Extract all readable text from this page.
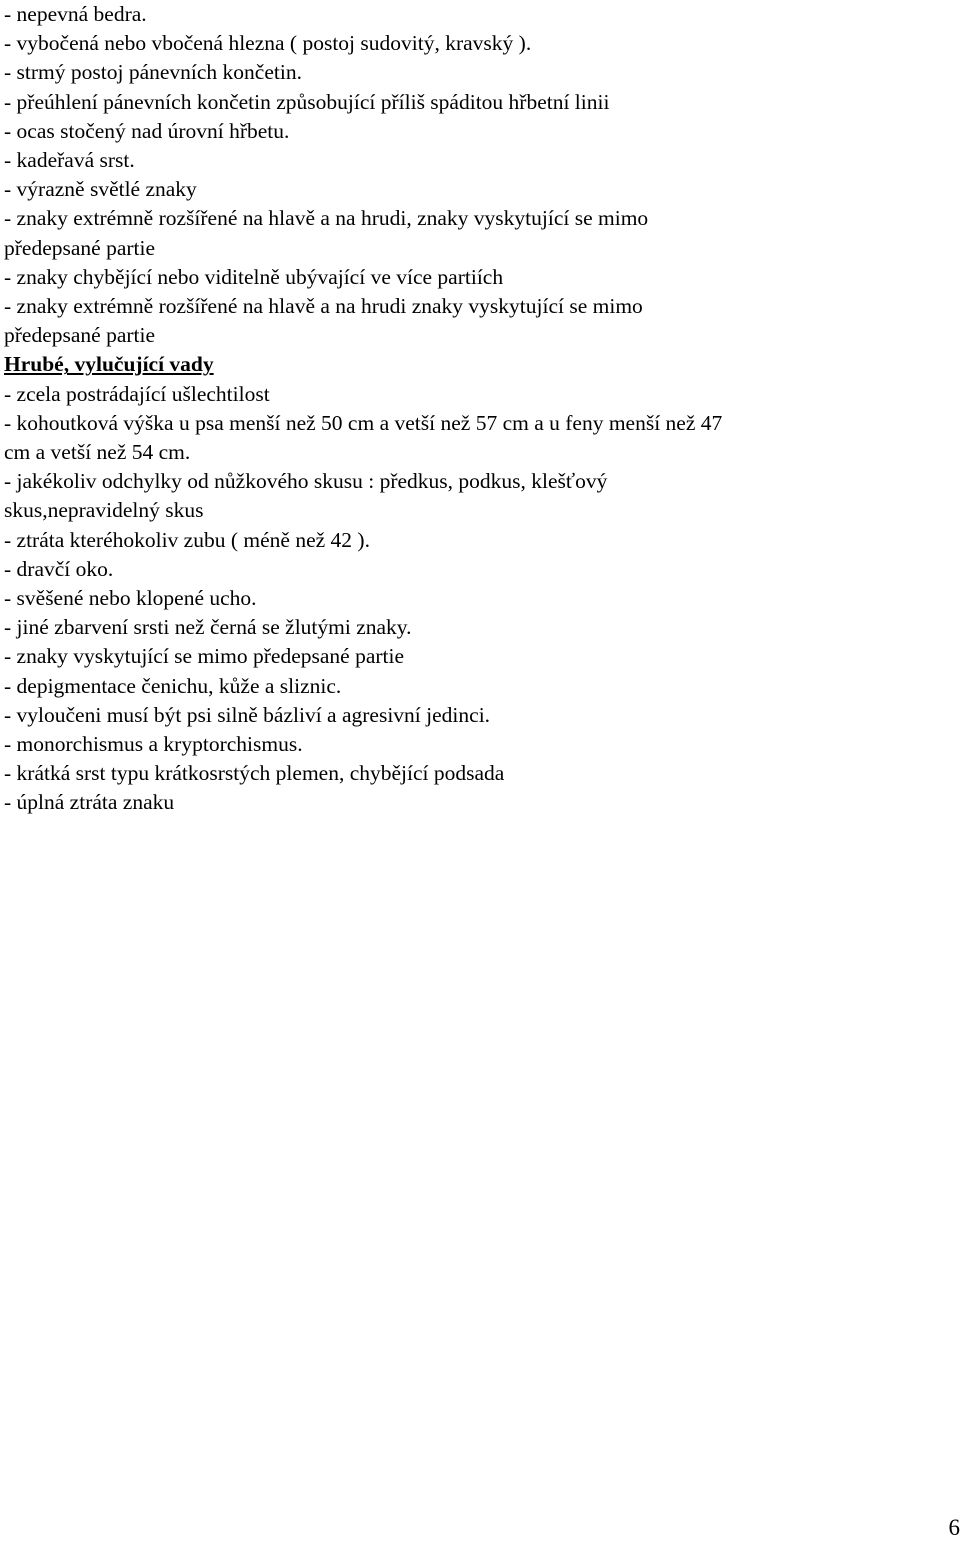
- nepevná bedra.
- vybočená nebo vbočená hlezna ( postoj sudovitý, kravský ).
- strmý postoj pánevních končetin.
- přeúhlení pánevních končetin způsobující příliš spáditou hřbetní linii
- ocas stočený nad úrovní hřbetu.
- kadeřavá srst.
- výrazně světlé znaky
- znaky extrémně rozšířené na hlavě a na hrudi, znaky vyskytující se mimo
předepsané partie
- znaky chybějící nebo viditelně ubývající ve více partiích
- znaky extrémně rozšířené na hlavě a na hrudi znaky vyskytující se mimo
předepsané partie
Hrubé, vylučující vady
- zcela postrádající ušlechtilost
- kohoutková výška u psa menší než 50 cm a vetší než 57 cm a u feny menší než 47
cm a vetší než 54 cm.
- jakékoliv odchylky od nůžkového skusu : předkus, podkus, klešťový
skus,nepravidelný skus
- ztráta kteréhokoliv zubu ( méně než 42 ).
- dravčí oko.
- svěšené nebo klopené ucho.
- jiné zbarvení srsti než černá se žlutými znaky.
- znaky vyskytující se mimo předepsané partie
- depigmentace čenichu, kůže a sliznic.
- vyloučeni musí být psi silně bázliví a agresivní jedinci.
- monorchismus a kryptorchismus.
- krátká srst typu krátkosrstých plemen, chybějící podsada
- úplná ztráta znaku
6
